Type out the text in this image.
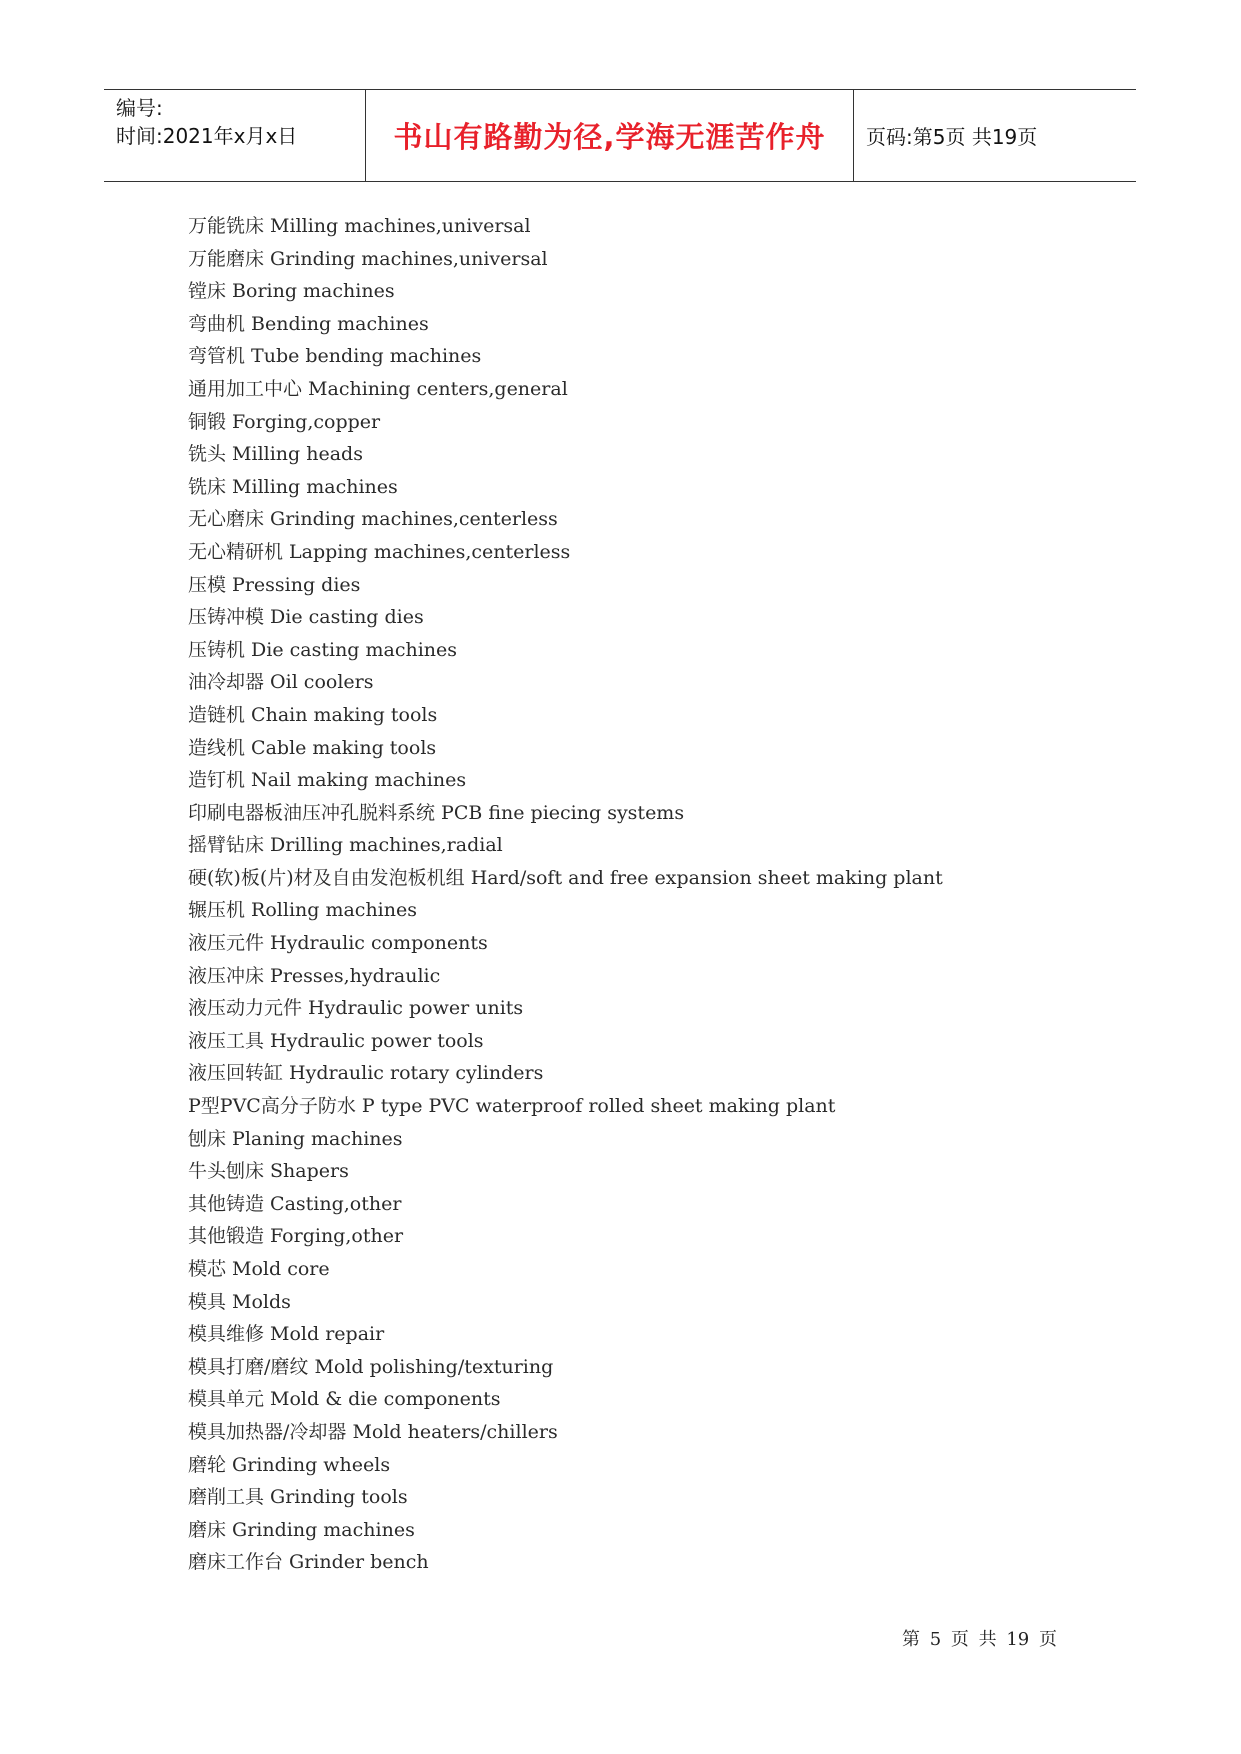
编号:
时间:2021年x月x日	书山有路勤为径,学海无涯苦作舟 页码:第5页 共19页
万能铣床 Milling machines,universal
万能磨床 Grinding machines,universal
镗床 Boring machines
弯曲机 Bending machines
弯管机 Tube bending machines
通用加工中心 Machining centers,general
铜锻 Forging,copper
铣头 Milling heads
铣床 Milling machines
无心磨床 Grinding machines,centerless
无心精研机 Lapping machines,centerless
压模 Pressing dies
压铸冲模 Die casting dies
压铸机 Die casting machines
油冷却器 Oil coolers
造链机 Chain making tools
造线机 Cable making tools
造钉机 Nail making machines
印刷电器板油压冲孔脱料系统 PCB fine piecing systems
摇臂钻床 Drilling machines,radial
硬(软)板(片)材及自由发泡板机组 Hard/soft and free expansion sheet making plant
辗压机 Rolling machines
液压元件 Hydraulic components
液压冲床 Presses,hydraulic
液压动力元件 Hydraulic power units
液压工具 Hydraulic power tools
液压回转缸 Hydraulic rotary cylinders
P型PVC高分子防水 P type PVC waterproof rolled sheet making plant
刨床 Planing machines
牛头刨床 Shapers
其他铸造 Casting,other
其他锻造 Forging,other
模芯 Mold core
模具 Molds
模具维修 Mold repair
模具打磨/磨纹 Mold polishing/texturing
模具单元 Mold & die components
模具加热器/冷却器 Mold heaters/chillers
磨轮 Grinding wheels
磨削工具 Grinding tools
磨床 Grinding machines
磨床工作台 Grinder bench
第 5 页 共 19 页
